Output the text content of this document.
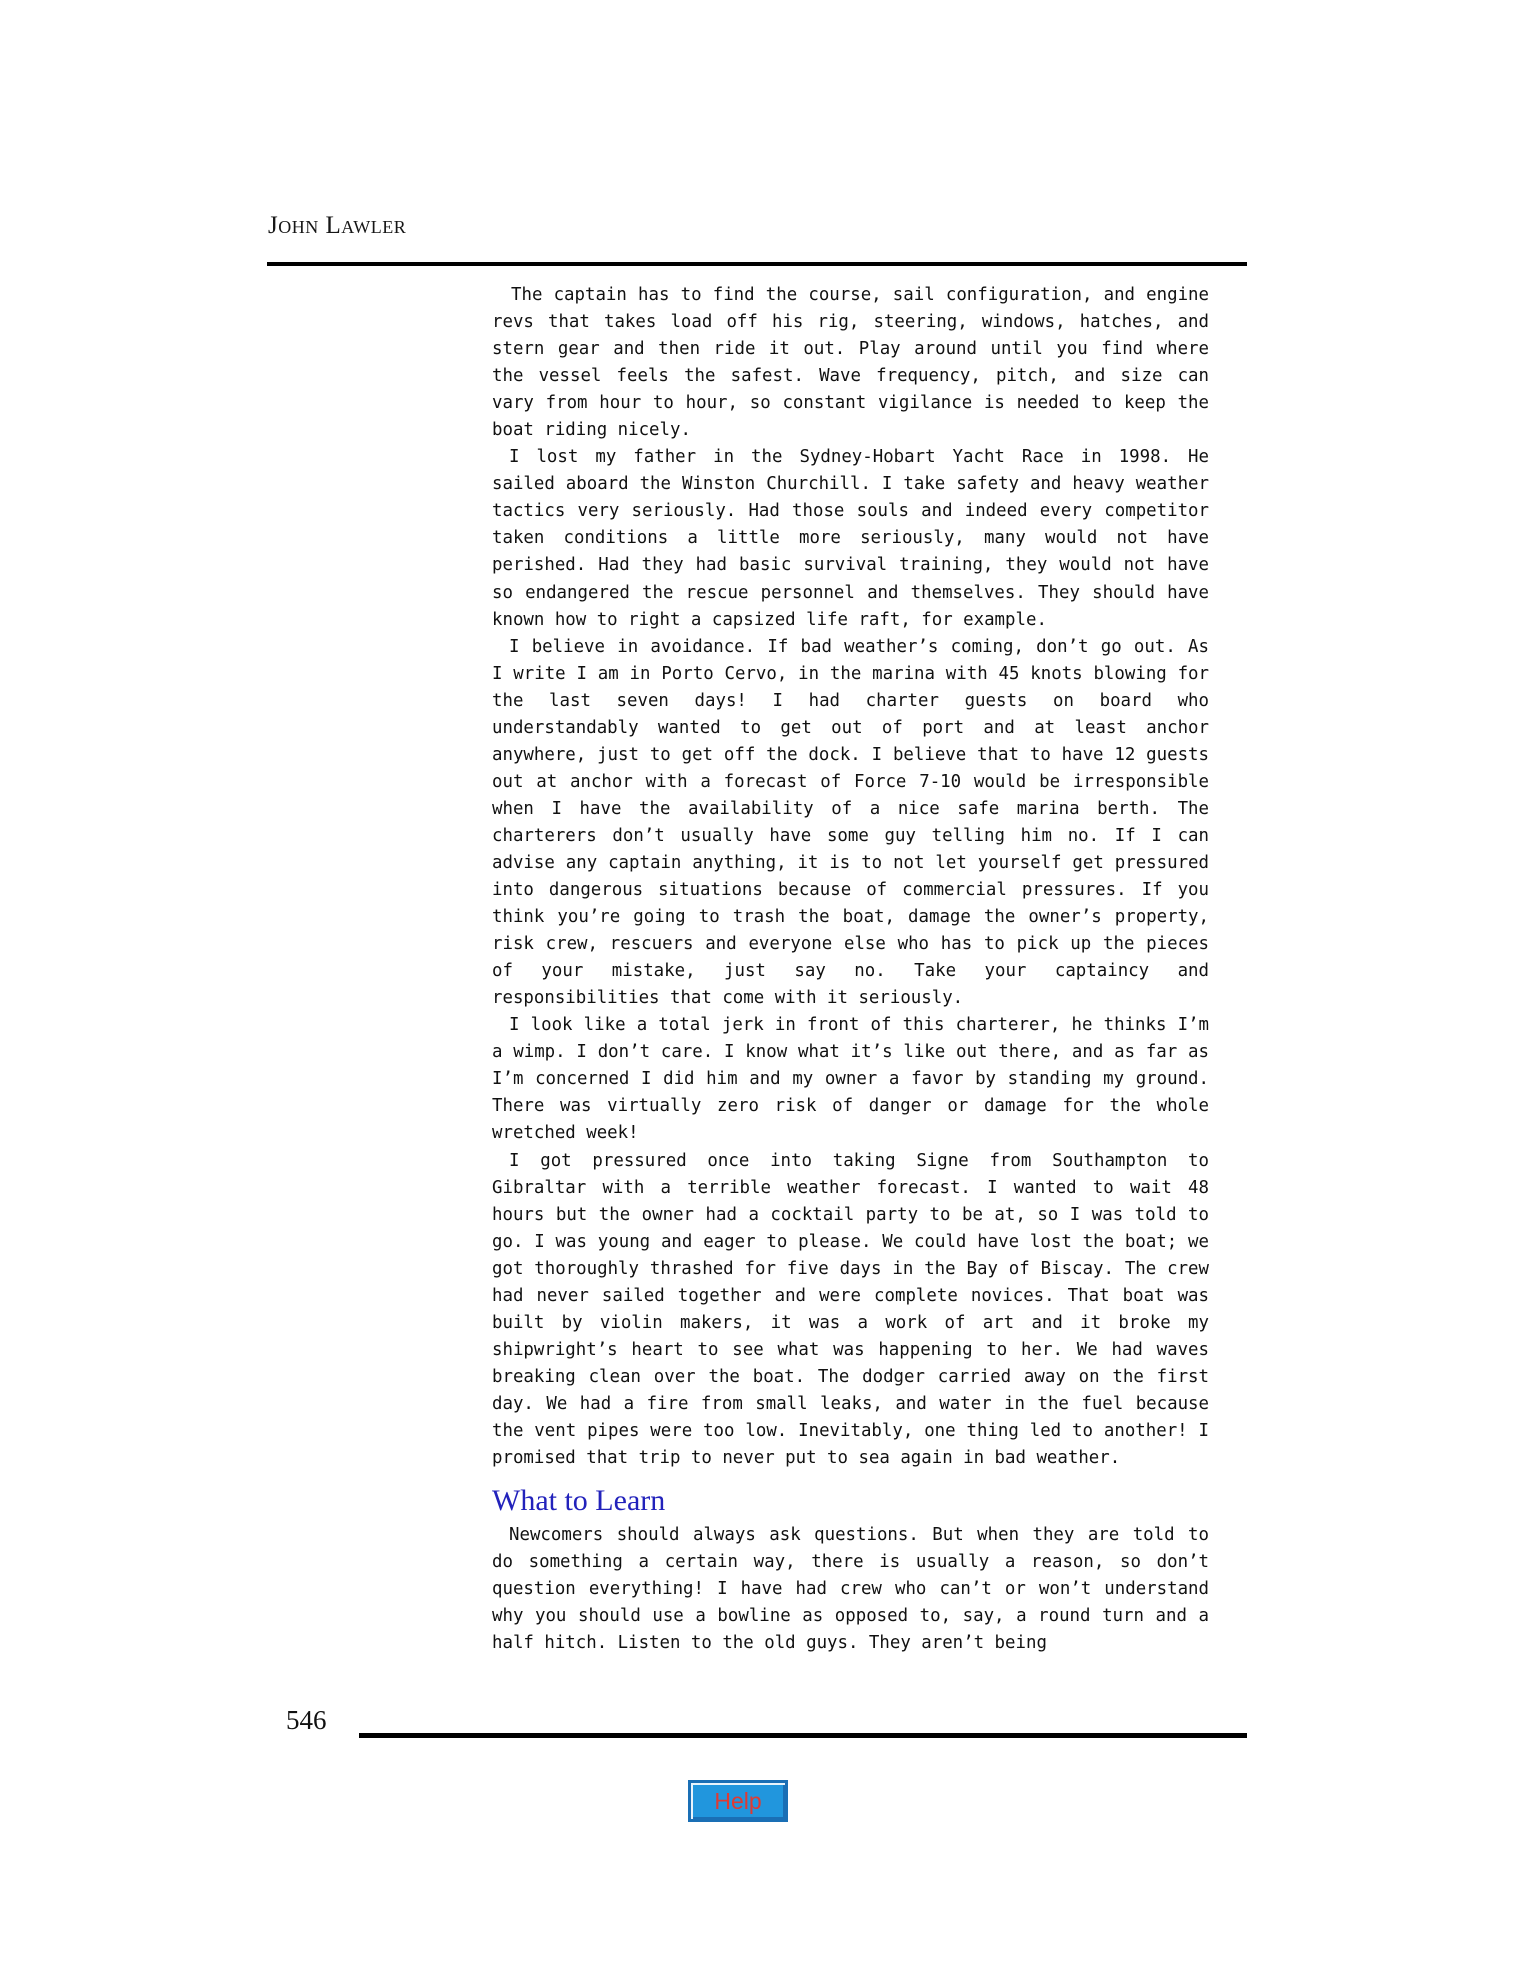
John Lawler

The captain has to find the course, sail configuration, and engine revs that takes load off his rig, steering, windows, hatches, and stern gear and then ride it out. Play around until you find where the vessel feels the safest. Wave frequency, pitch, and size can vary from hour to hour, so constant vigilance is needed to keep the boat riding nicely.

I lost my father in the Sydney-Hobart Yacht Race in 1998. He sailed aboard the Winston Churchill. I take safety and heavy weather tactics very seriously. Had those souls and indeed every competitor taken conditions a little more seriously, many would not have perished. Had they had basic survival training, they would not have so endangered the rescue personnel and themselves. They should have known how to right a capsized life raft, for example.

I believe in avoidance. If bad weather’s coming, don’t go out. As I write I am in Porto Cervo, in the marina with 45 knots blowing for the last seven days! I had charter guests on board who understandably wanted to get out of port and at least anchor anywhere, just to get off the dock. I believe that to have 12 guests out at anchor with a forecast of Force 7-10 would be irresponsible when I have the availability of a nice safe marina berth. The charterers don’t usually have some guy telling him no. If I can advise any captain anything, it is to not let yourself get pressured into dangerous situations because of commercial pressures. If you think you’re going to trash the boat, damage the owner’s property, risk crew, rescuers and everyone else who has to pick up the pieces of your mistake, just say no. Take your captaincy and responsibilities that come with it seriously.

I look like a total jerk in front of this charterer, he thinks I’m a wimp. I don’t care. I know what it’s like out there, and as far as I’m concerned I did him and my owner a favor by standing my ground. There was virtually zero risk of danger or damage for the whole wretched week!

I got pressured once into taking Signe from Southampton to Gibraltar with a terrible weather forecast. I wanted to wait 48 hours but the owner had a cocktail party to be at, so I was told to go. I was young and eager to please. We could have lost the boat; we got thoroughly thrashed for five days in the Bay of Biscay. The crew had never sailed together and were complete novices. That boat was built by violin makers, it was a work of art and it broke my shipwright’s heart to see what was happening to her. We had waves breaking clean over the boat. The dodger carried away on the first day. We had a fire from small leaks, and water in the fuel because the vent pipes were too low. Inevitably, one thing led to another! I promised that trip to never put to sea again in bad weather.

What to Learn

Newcomers should always ask questions. But when they are told to do something a certain way, there is usually a reason, so don’t question everything! I have had crew who can’t or won’t understand why you should use a bowline as opposed to, say, a round turn and a half hitch. Listen to the old guys. They aren’t being

546
Help
